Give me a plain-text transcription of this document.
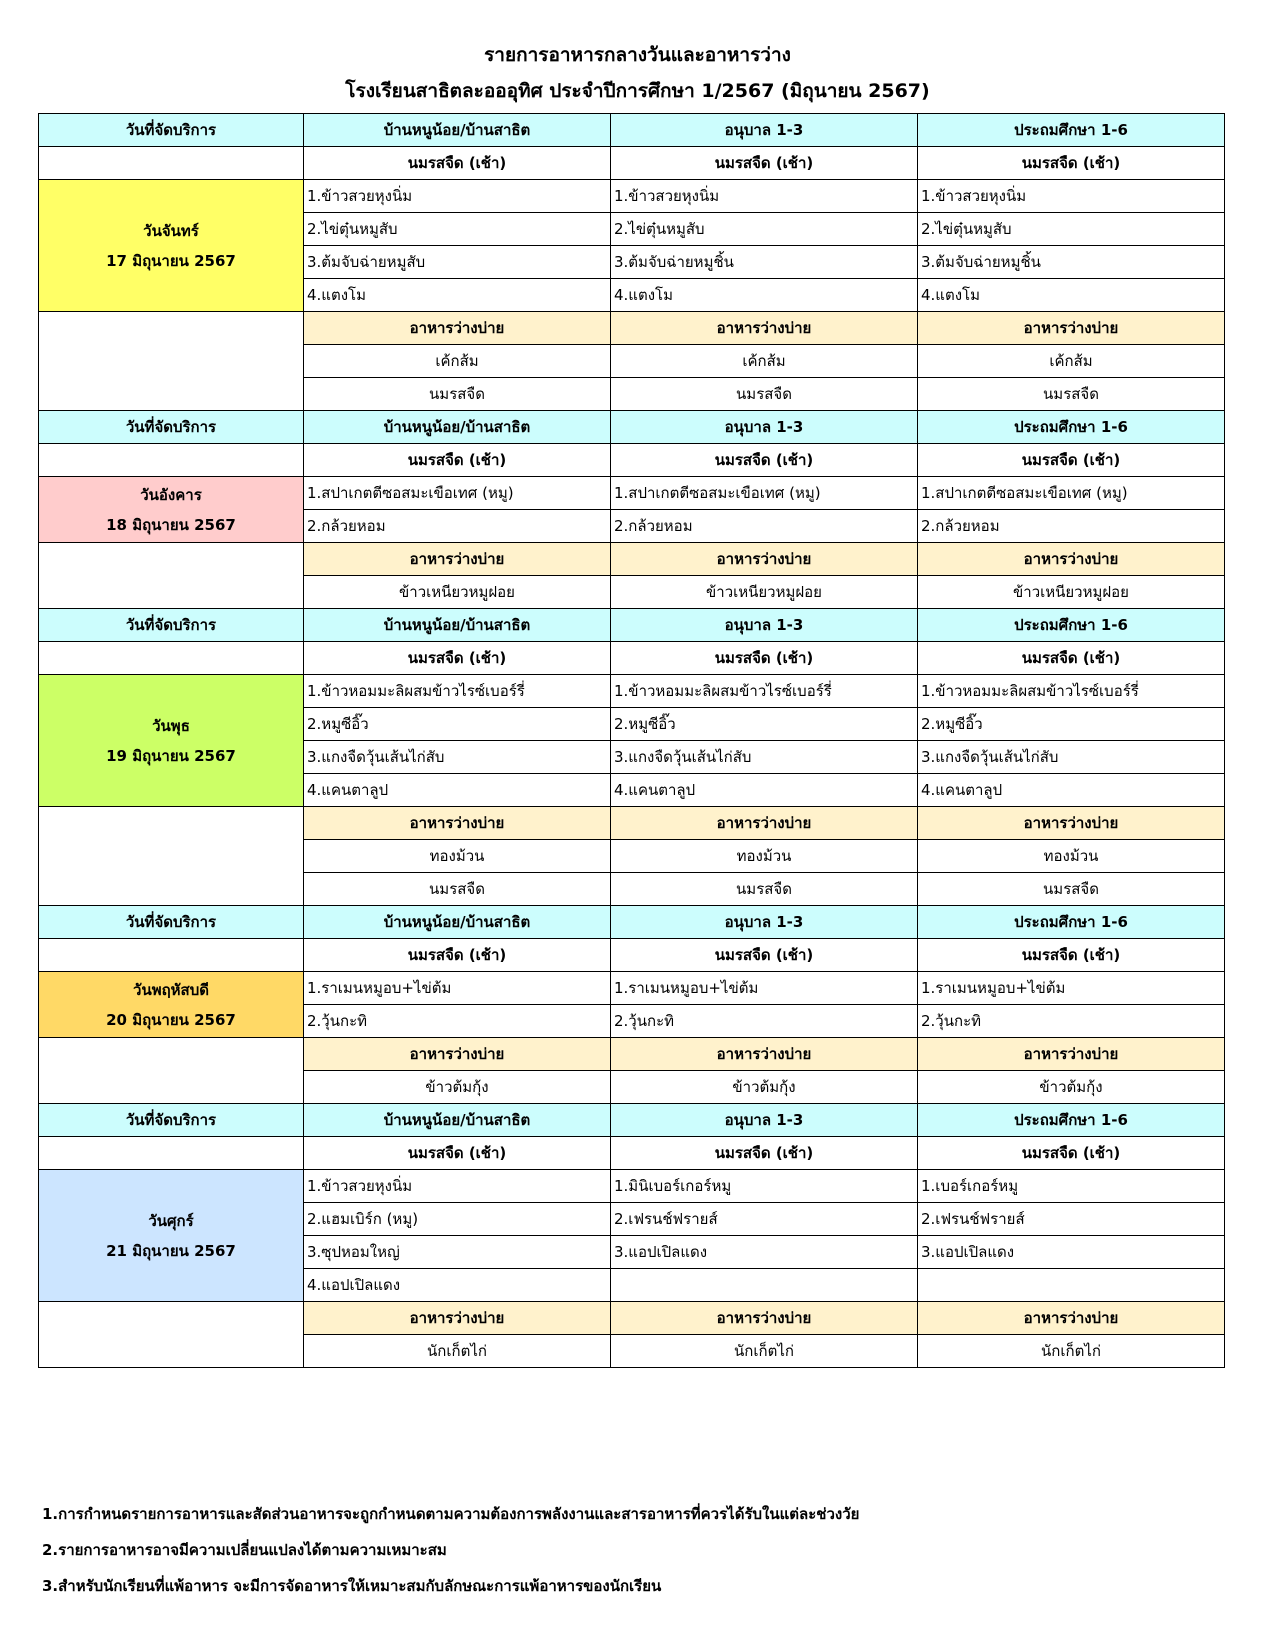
รายการอาหารกลางวันและอาหารว่าง
โรงเรียนสาธิตละอออุทิศ ประจำปีการศึกษา 1/2567 (มิถุนายน 2567)
วันที่จัดบริการ	บ้านหนูน้อย/บ้านสาธิต	อนุบาล 1-3	ประถมศึกษา 1-6
	นมรสจืด (เช้า)	นมรสจืด (เช้า)	นมรสจืด (เช้า)

วันจันทร์
17 มิถุนายน 2567	1.ข้าวสวยหุงนิ่ม	1.ข้าวสวยหุงนิ่ม	1.ข้าวสวยหุงนิ่ม
	2.ไข่ตุ๋นหมูสับ	2.ไข่ตุ๋นหมูสับ	2.ไข่ตุ๋นหมูสับ
	3.ต้มจับฉ่ายหมูสับ	3.ต้มจับฉ่ายหมูชิ้น	3.ต้มจับฉ่ายหมูชิ้น
	4.แตงโม	4.แตงโม	4.แตงโม
	อาหารว่างบ่าย	อาหารว่างบ่าย	อาหารว่างบ่าย
	เค้กส้ม	เค้กส้ม	เค้กส้ม
	นมรสจืด	นมรสจืด	นมรสจืด
วันที่จัดบริการ	บ้านหนูน้อย/บ้านสาธิต	อนุบาล 1-3	ประถมศึกษา 1-6
	นมรสจืด (เช้า)	นมรสจืด (เช้า)	นมรสจืด (เช้า)

วันอังคาร
18 มิถุนายน 2567	1.สปาเกตตีซอสมะเขือเทศ (หมู)	1.สปาเกตตีซอสมะเขือเทศ (หมู)	1.สปาเกตตีซอสมะเขือเทศ (หมู)
	2.กล้วยหอม	2.กล้วยหอม	2.กล้วยหอม
	อาหารว่างบ่าย	อาหารว่างบ่าย	อาหารว่างบ่าย
	ข้าวเหนียวหมูฝอย	ข้าวเหนียวหมูฝอย	ข้าวเหนียวหมูฝอย
วันที่จัดบริการ	บ้านหนูน้อย/บ้านสาธิต	อนุบาล 1-3	ประถมศึกษา 1-6
	นมรสจืด (เช้า)	นมรสจืด (เช้า)	นมรสจืด (เช้า)

วันพุธ
19 มิถุนายน 2567	1.ข้าวหอมมะลิผสมข้าวไรซ์เบอร์รี่	1.ข้าวหอมมะลิผสมข้าวไรซ์เบอร์รี่	1.ข้าวหอมมะลิผสมข้าวไรซ์เบอร์รี่
	2.หมูซีอิ๊ว	2.หมูซีอิ๊ว	2.หมูซีอิ๊ว
	3.แกงจืดวุ้นเส้นไก่สับ	3.แกงจืดวุ้นเส้นไก่สับ	3.แกงจืดวุ้นเส้นไก่สับ
	4.แคนตาลูป	4.แคนตาลูป	4.แคนตาลูป
	อาหารว่างบ่าย	อาหารว่างบ่าย	อาหารว่างบ่าย
	ทองม้วน	ทองม้วน	ทองม้วน
	นมรสจืด	นมรสจืด	นมรสจืด
วันที่จัดบริการ	บ้านหนูน้อย/บ้านสาธิต	อนุบาล 1-3	ประถมศึกษา 1-6
	นมรสจืด (เช้า)	นมรสจืด (เช้า)	นมรสจืด (เช้า)

วันพฤหัสบดี
20 มิถุนายน 2567	1.ราเมนหมูอบ+ไข่ต้ม	1.ราเมนหมูอบ+ไข่ต้ม	1.ราเมนหมูอบ+ไข่ต้ม
	2.วุ้นกะทิ	2.วุ้นกะทิ	2.วุ้นกะทิ
	อาหารว่างบ่าย	อาหารว่างบ่าย	อาหารว่างบ่าย
	ข้าวต้มกุ้ง	ข้าวต้มกุ้ง	ข้าวต้มกุ้ง
วันที่จัดบริการ	บ้านหนูน้อย/บ้านสาธิต	อนุบาล 1-3	ประถมศึกษา 1-6
	นมรสจืด (เช้า)	นมรสจืด (เช้า)	นมรสจืด (เช้า)

วันศุกร์
21 มิถุนายน 2567	1.ข้าวสวยหุงนิ่ม	1.มินิเบอร์เกอร์หมู	1.เบอร์เกอร์หมู
	2.แฮมเบิร์ก (หมู)	2.เฟรนช์ฟรายส์	2.เฟรนช์ฟรายส์
	3.ซุปหอมใหญ่	3.แอปเปิลแดง	3.แอปเปิลแดง
	4.แอปเปิลแดง		
	อาหารว่างบ่าย	อาหารว่างบ่าย	อาหารว่างบ่าย
	นักเก็ตไก่	นักเก็ตไก่	นักเก็ตไก่
1.การกำหนดรายการอาหารและสัดส่วนอาหารจะถูกกำหนดตามความต้องการพลังงานและสารอาหารที่ควรได้รับในแต่ละช่วงวัย
2.รายการอาหารอาจมีความเปลี่ยนแปลงได้ตามความเหมาะสม
3.สำหรับนักเรียนที่แพ้อาหาร จะมีการจัดอาหารให้เหมาะสมกับลักษณะการแพ้อาหารของนักเรียน
